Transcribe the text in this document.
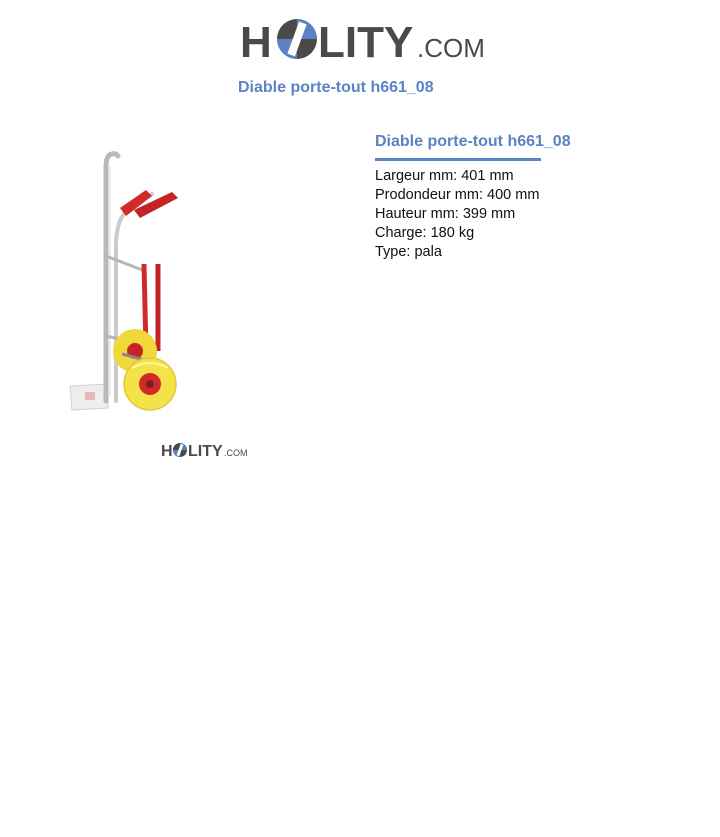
H LITY .COM
Diable porte-tout h661_08
H LITY .COM
Diable porte-tout h661_08
Largeur mm: 401 mm
Prodondeur mm: 400 mm
Hauteur mm: 399 mm
Charge: 180 kg
Type: pala
